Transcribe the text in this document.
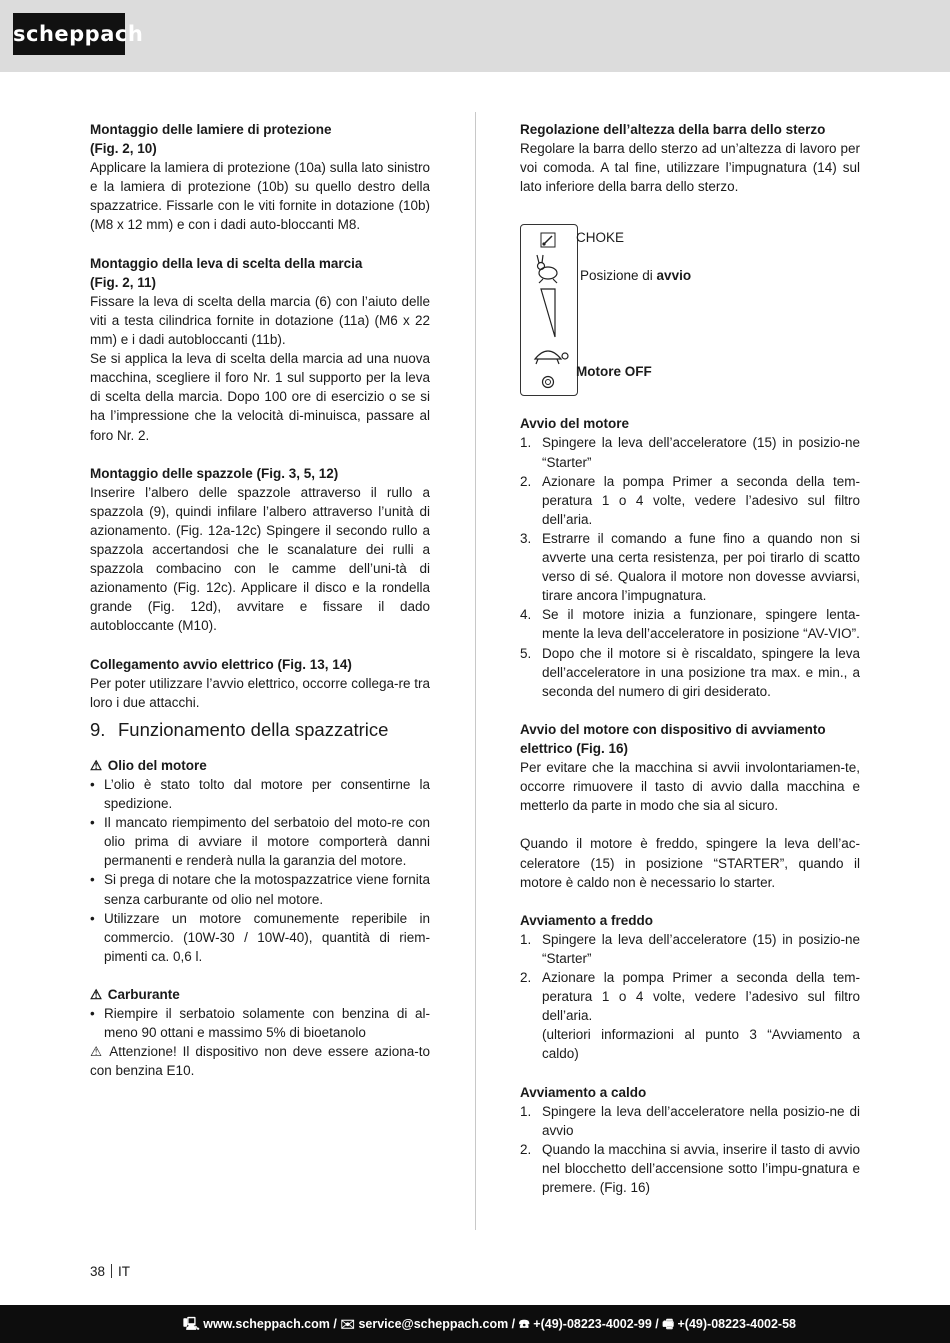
scheppach

Montaggio delle lamiere di protezione

(Fig. 2, 10)

Applicare la lamiera di protezione (10a) sulla lato sinistro e la lamiera di protezione (10b) su quello destro della spazzatrice. Fissarle con le viti fornite in dotazione (10b) (M8 x 12 mm) e con i dadi auto-bloccanti M8.

Montaggio della leva di scelta della marcia

(Fig. 2, 11)

Fissare la leva di scelta della marcia (6) con l’aiuto delle viti a testa cilindrica fornite in dotazione (11a) (M6 x 22 mm) e i dadi autobloccanti (11b).

Se si applica la leva di scelta della marcia ad una nuova macchina, scegliere il foro Nr. 1 sul supporto per la leva di scelta della marcia. Dopo 100 ore di esercizio o se si ha l’impressione che la velocità di-minuisca, passare al foro Nr. 2.

Montaggio delle spazzole (Fig. 3, 5, 12)

Inserire l’albero delle spazzole attraverso il rullo a spazzola (9), quindi infilare l’albero attraverso l’unità di azionamento. (Fig. 12a-12c) Spingere il secondo rullo a spazzola accertandosi che le scanalature dei rulli a spazzola combacino con le camme dell’uni-tà di azionamento (Fig. 12c). Applicare il disco e la rondella grande (Fig. 12d), avvitare e fissare il dado autobloccante (M10).

Collegamento avvio elettrico (Fig. 13, 14)

Per poter utilizzare l’avvio elettrico, occorre collega-re tra loro i due attacchi.

9. Funzionamento della spazzatrice

⚠ Olio del motore

• L’olio è stato tolto dal motore per consentirne la spedizione.
• Il mancato riempimento del serbatoio del moto-re con olio prima di avviare il motore comporterà danni permanenti e renderà nulla la garanzia del motore.
• Si prega di notare che la motospazzatrice viene fornita senza carburante od olio nel motore.
• Utilizzare un motore comunemente reperibile in commercio. (10W-30 / 10W-40), quantità di riem-pimenti ca. 0,6 l.

⚠ Carburante

• Riempire il serbatoio solamente con benzina di al-meno 90 ottani e massimo 5% di bioetanolo

⚠ Attenzione! Il dispositivo non deve essere aziona-to con benzina E10.

Regolazione dell’altezza della barra dello sterzo

Regolare la barra dello sterzo ad un’altezza di lavoro per voi comoda. A tal fine, utilizzare l’impugnatura (14) sul lato inferiore della barra dello sterzo.

CHOKE
Posizione di avvio
Motore OFF

Avvio del motore

1. Spingere la leva dell’acceleratore (15) in posizio-ne “Starter”
2. Azionare la pompa Primer a seconda della tem-peratura 1 o 4 volte, vedere l’adesivo sul filtro dell’aria.
3. Estrarre il comando a fune fino a quando non si avverte una certa resistenza, per poi tirarlo di scatto verso di sé. Qualora il motore non dovesse avviarsi, tirare ancora l’impugnatura.
4. Se il motore inizia a funzionare, spingere lenta-mente la leva dell’acceleratore in posizione “AV-VIO”.
5. Dopo che il motore si è riscaldato, spingere la leva dell’acceleratore in una posizione tra max. e min., a seconda del numero di giri desiderato.

Avvio del motore con dispositivo di avviamento elettrico (Fig. 16)

Per evitare che la macchina si avvii involontariamen-te, occorre rimuovere il tasto di avvio dalla macchina e metterlo da parte in modo che sia al sicuro.

Quando il motore è freddo, spingere la leva dell’ac-celeratore (15) in posizione “STARTER”, quando il motore è caldo non è necessario lo starter.

Avviamento a freddo

1. Spingere la leva dell’acceleratore (15) in posizio-ne “Starter”
2. Azionare la pompa Primer a seconda della tem-peratura 1 o 4 volte, vedere l’adesivo sul filtro dell’aria.

(ulteriori informazioni al punto 3 “Avviamento a caldo)

Avviamento a caldo

1. Spingere la leva dell’acceleratore nella posizio-ne di avvio
2. Quando la macchina si avvia, inserire il tasto di avvio nel blocchetto dell’accensione sotto l’impu-gnatura e premere. (Fig. 16)
38 IT
🖳 www.scheppach.com / ✉ service@scheppach.com / ☎ +(49)-08223-4002-99 / 🖷 +(49)-08223-4002-58
